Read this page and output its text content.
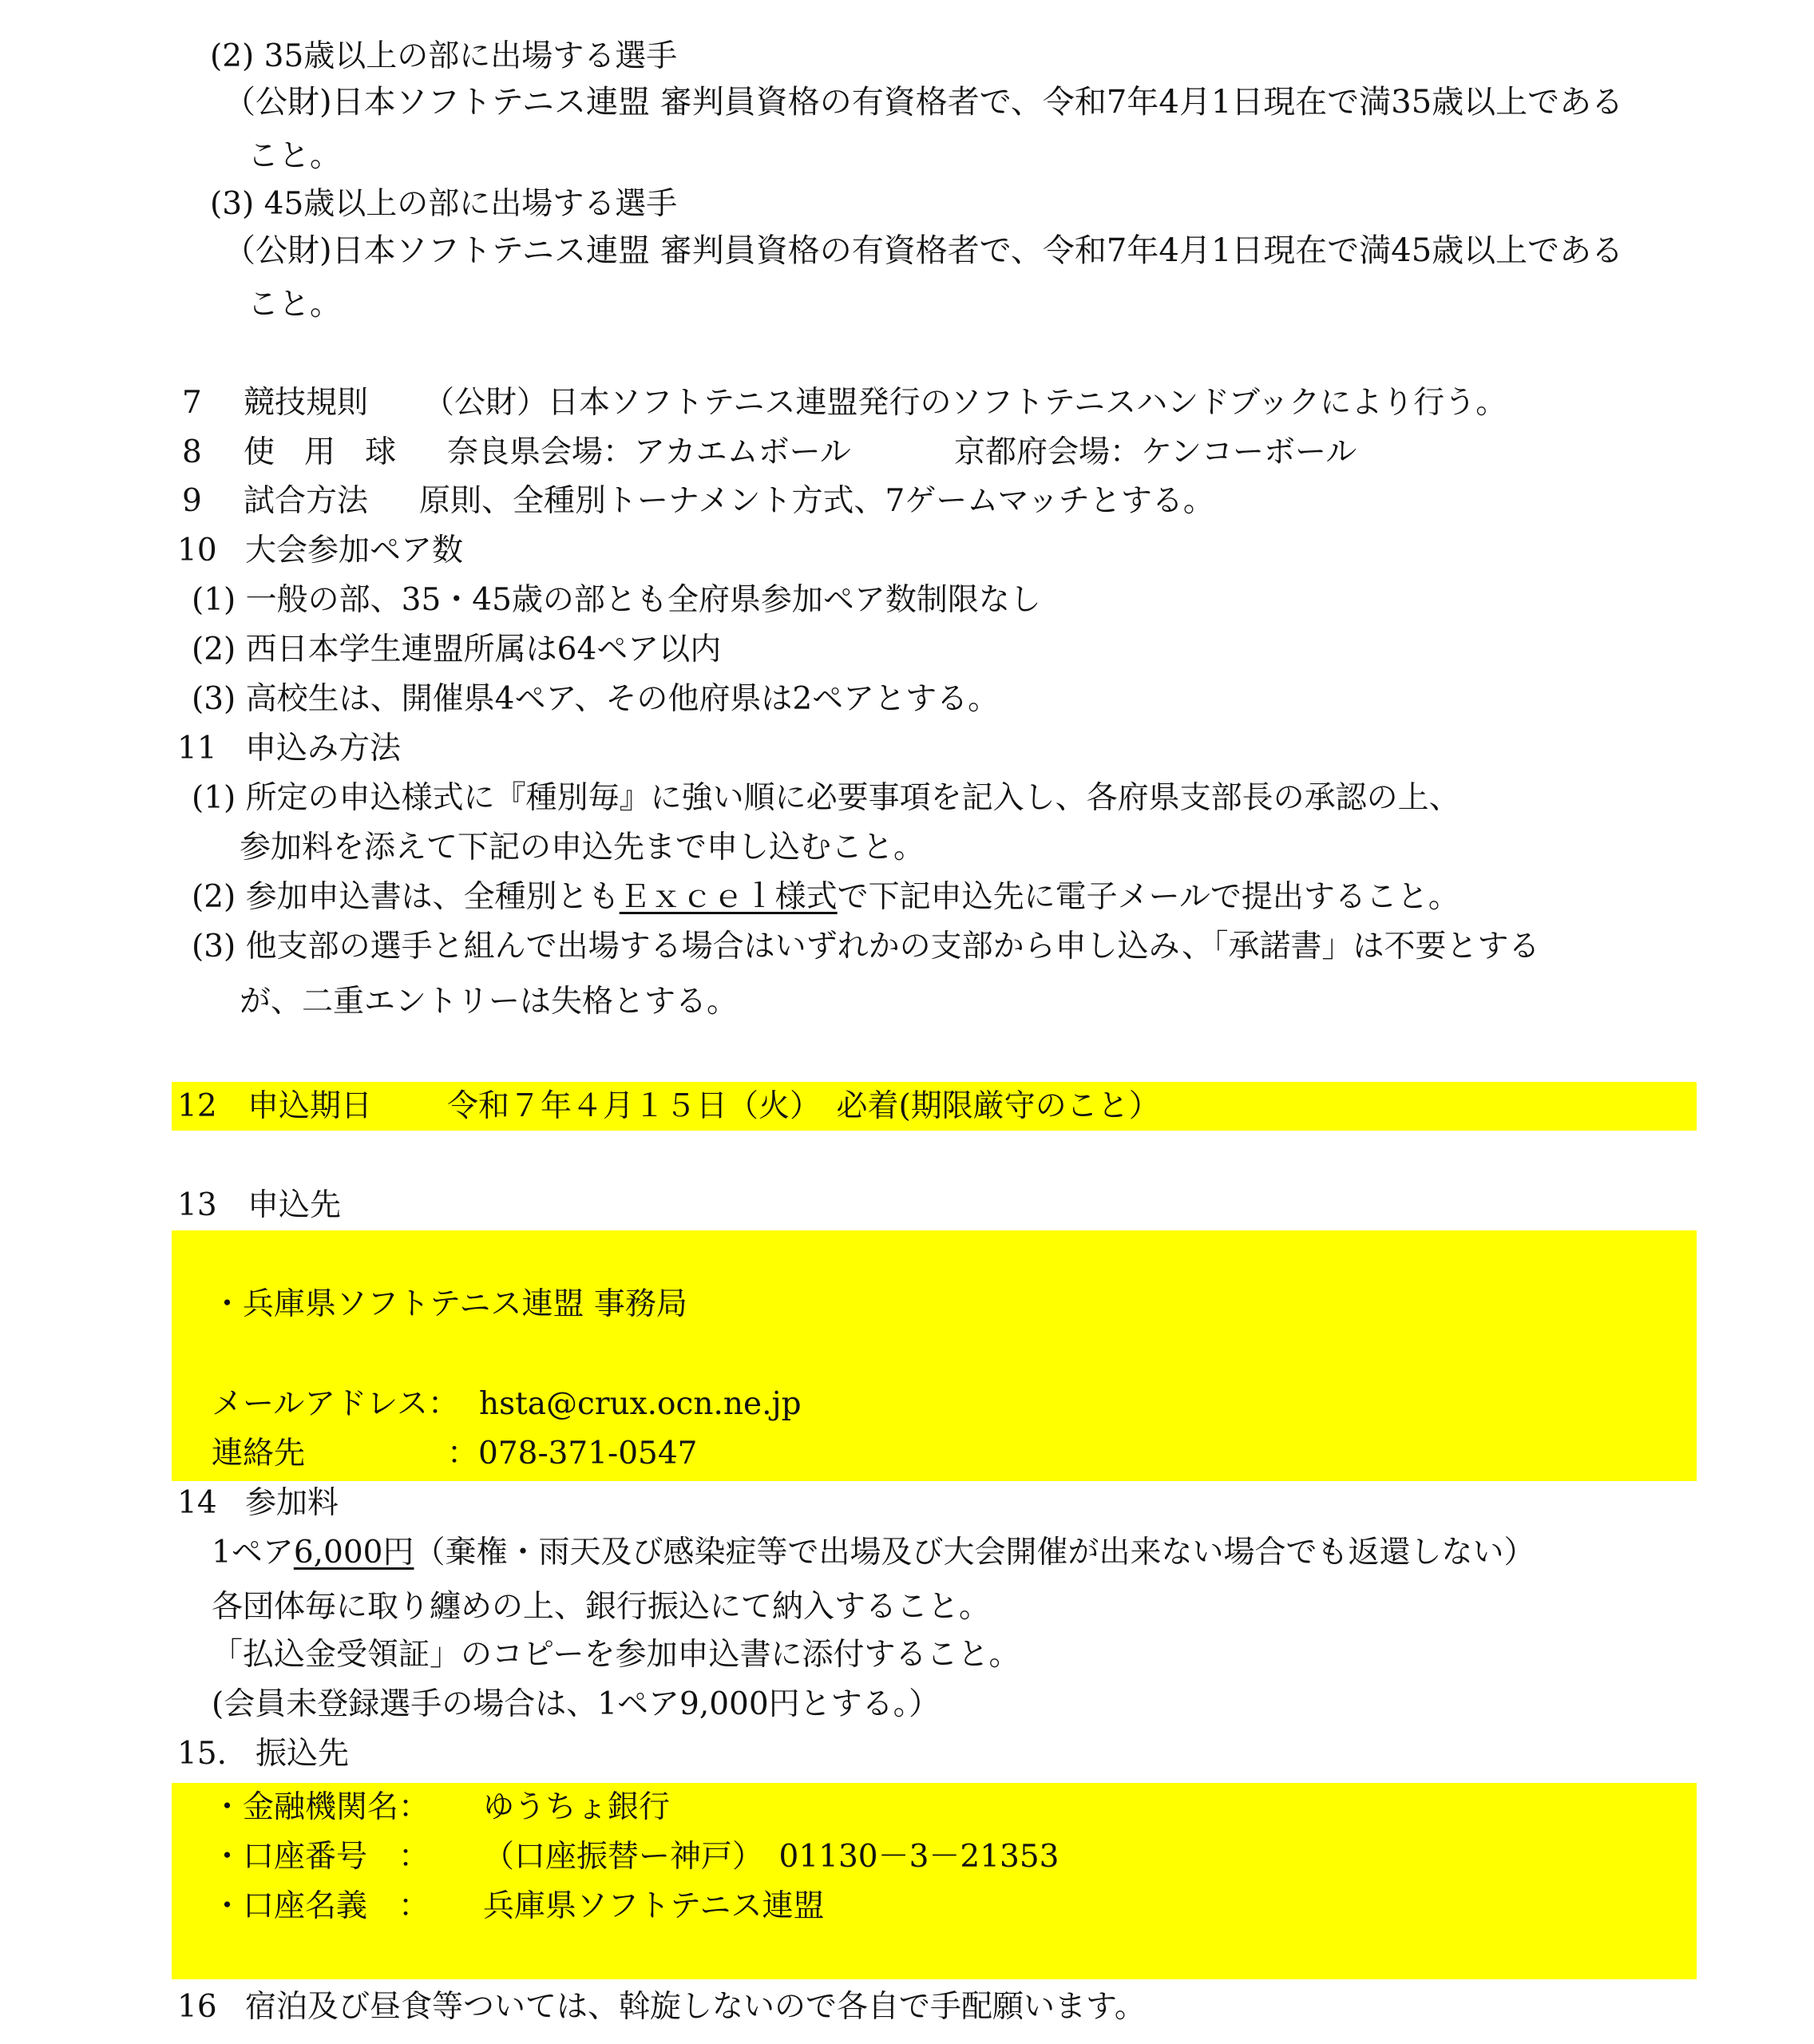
(2) 35歳以上の部に出場する選手
（公財)日本ソフトテニス連盟 審判員資格の有資格者で、令和7年4月1日現在で満35歳以上である
こと。
(3) 45歳以上の部に出場する選手
（公財)日本ソフトテニス連盟 審判員資格の有資格者で、令和7年4月1日現在で満45歳以上である
こと。
7 競技規則 （公財）日本ソフトテニス連盟発行のソフトテニスハンドブックにより行う。
8 使用球 奈良県会場：アカエムボール	京都府会場：ケンコーボール
9 試合方法 原則、全種別トーナメント方式、7ゲームマッチとする。
10 大会参加ペア数
(1) 一般の部、35・45歳の部とも全府県参加ペア数制限なし
(2) 西日本学生連盟所属は64ペア以内
(3) 高校生は、開催県4ペア、その他府県は2ペアとする。
11 申込み方法
(1) 所定の申込様式に『種別毎』に強い順に必要事項を記入し、各府県支部長の承認の上、
参加料を添えて下記の申込先まで申し込むこと。
(2) 参加申込書は、全種別ともＥｘｃｅｌ様式で下記申込先に電子メールで提出すること。
(3) 他支部の選手と組んで出場する場合はいずれかの支部から申し込み、「承諾書」は不要とする
が、二重エントリーは失格とする。
12 申込期日 令和７年４月１５日（火）　必着(期限厳守のこと）
13 申込先
・兵庫県ソフトテニス連盟 事務局
メールアドレス： hsta@crux.ocn.ne.jp
連絡先	：078-371-0547
14 参加料
1ペア6,000円（棄権・雨天及び感染症等で出場及び大会開催が出来ない場合でも返還しない）
各団体毎に取り纏めの上、銀行振込にて納入すること。
「払込金受領証」のコピーを参加申込書に添付すること。
(会員未登録選手の場合は、1ペア9,000円とする。）
15. 振込先
・金融機関名： ゆうちょ銀行
・口座番号　： （口座振替ー神戸）　01130－3－21353
・口座名義　： 兵庫県ソフトテニス連盟
16 宿泊及び昼食等ついては、斡旋しないので各自で手配願います。
